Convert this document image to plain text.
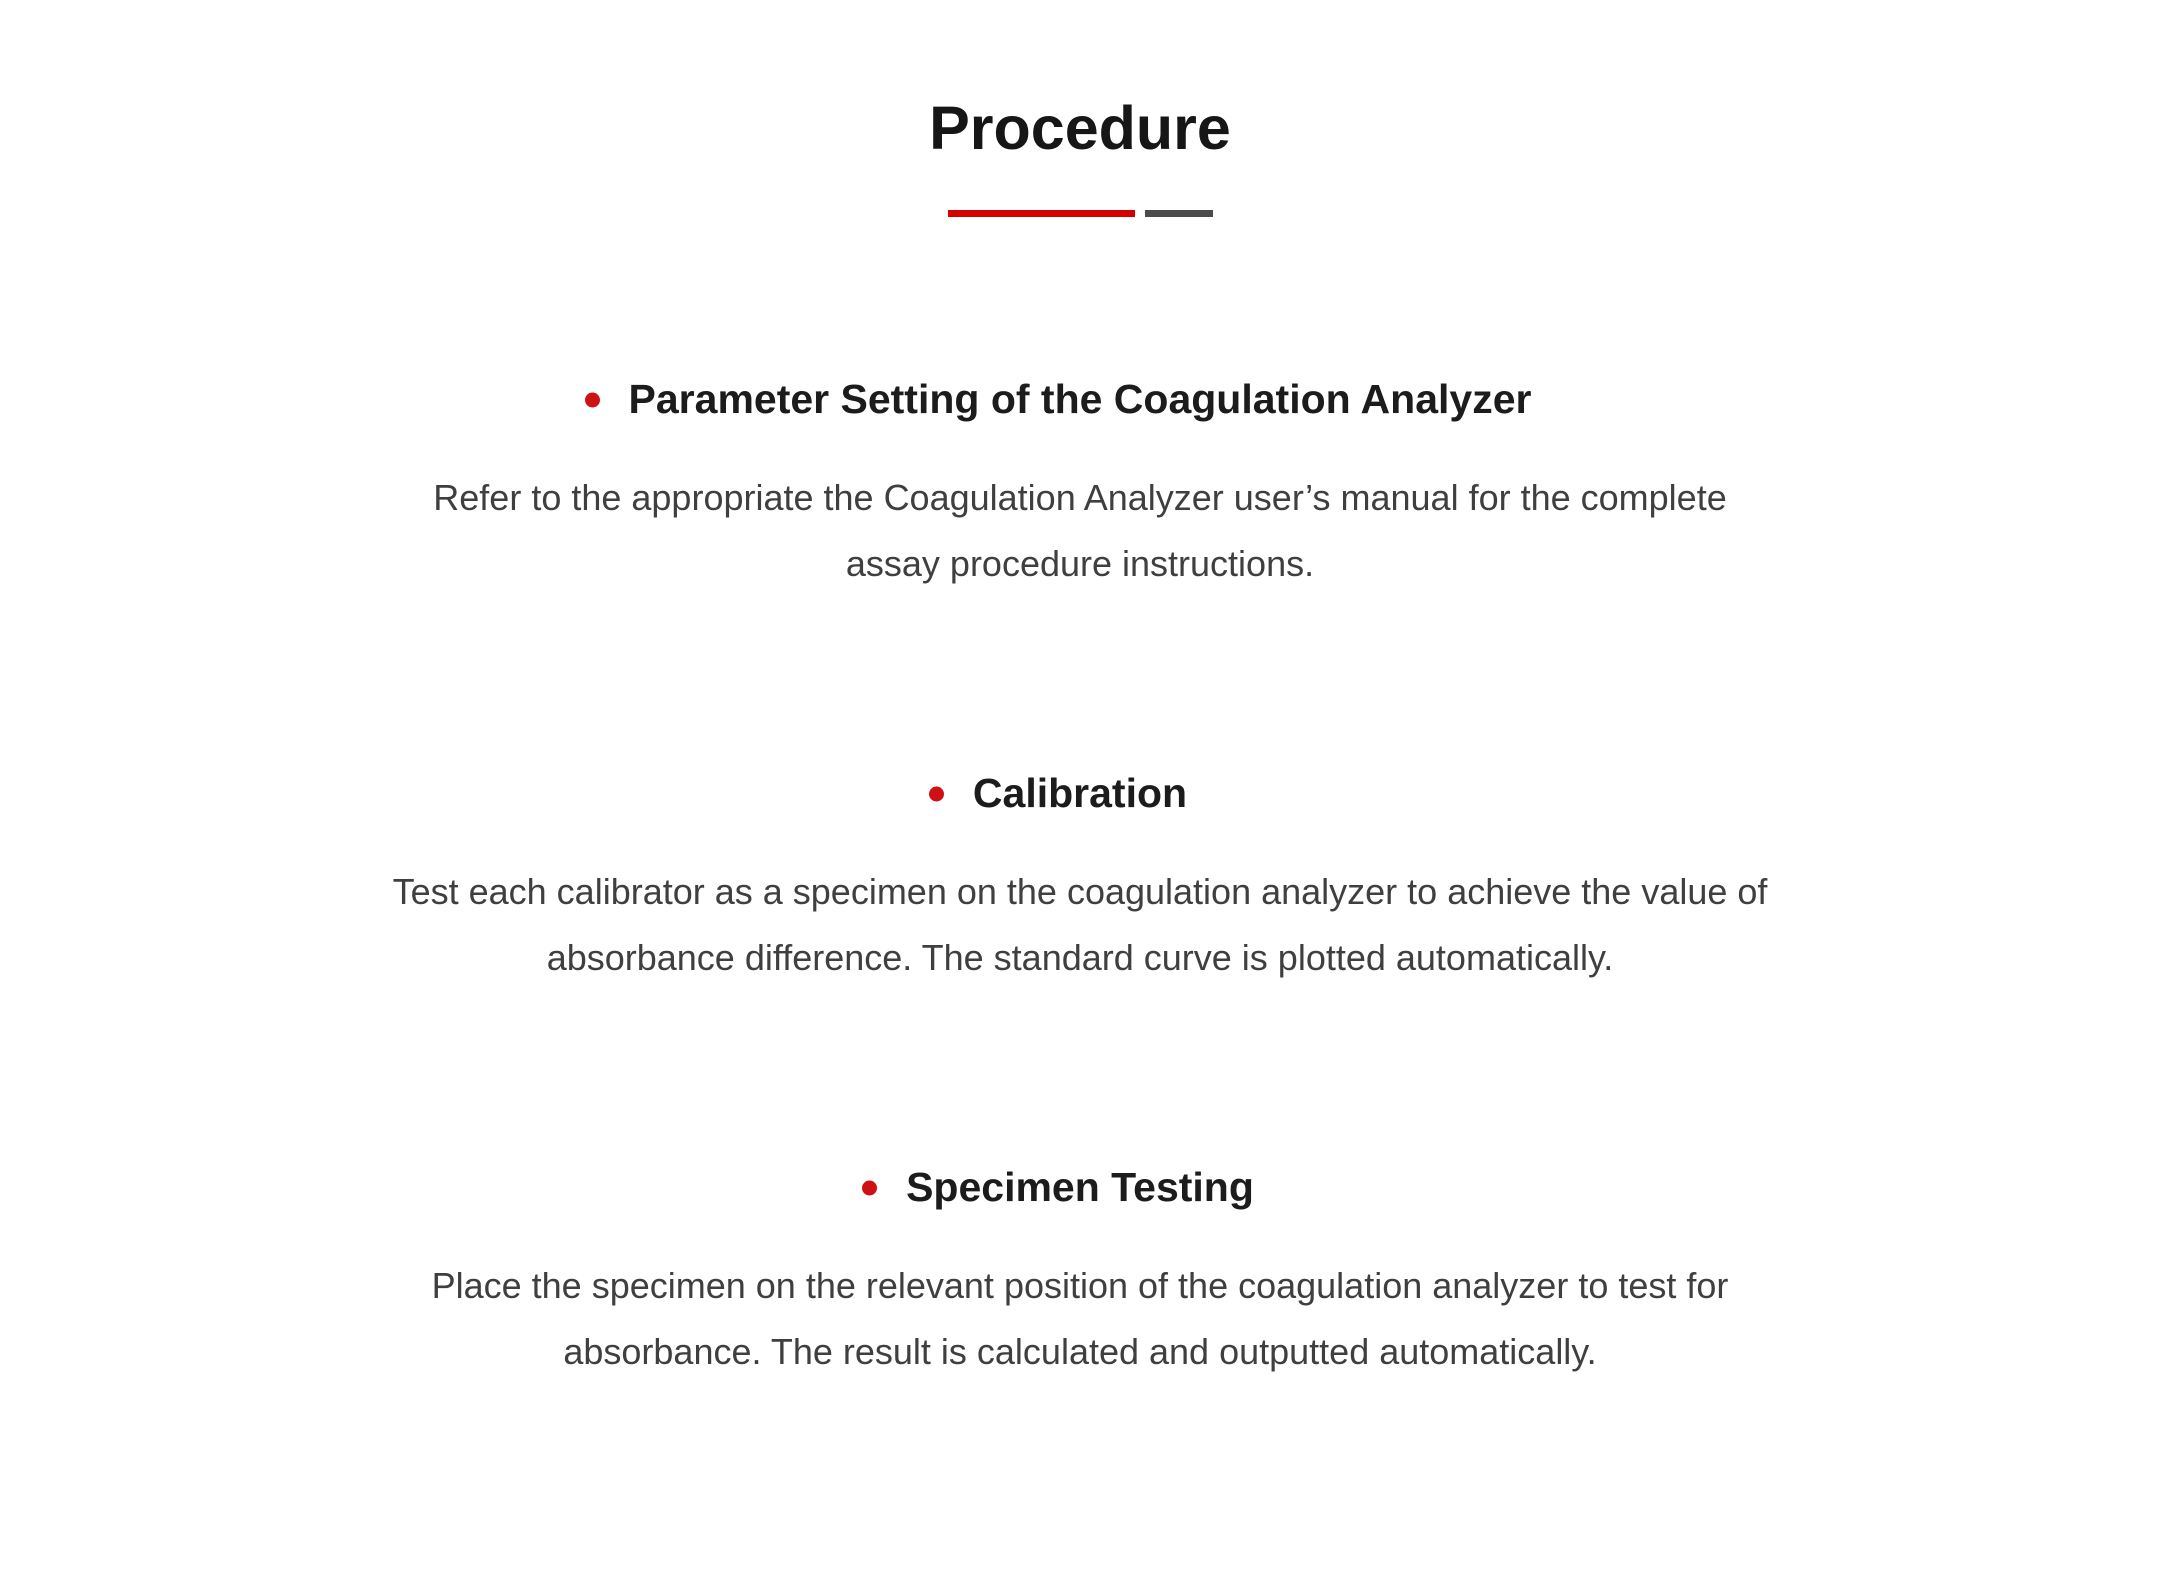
Procedure
Parameter Setting of the Coagulation Analyzer

Refer to the appropriate the Coagulation Analyzer user’s manual for the complete
assay procedure instructions.

Calibration

Test each calibrator as a specimen on the coagulation analyzer to achieve the value of
absorbance difference. The standard curve is plotted automatically.

Specimen Testing

Place the specimen on the relevant position of the coagulation analyzer to test for
absorbance. The result is calculated and outputted automatically.
